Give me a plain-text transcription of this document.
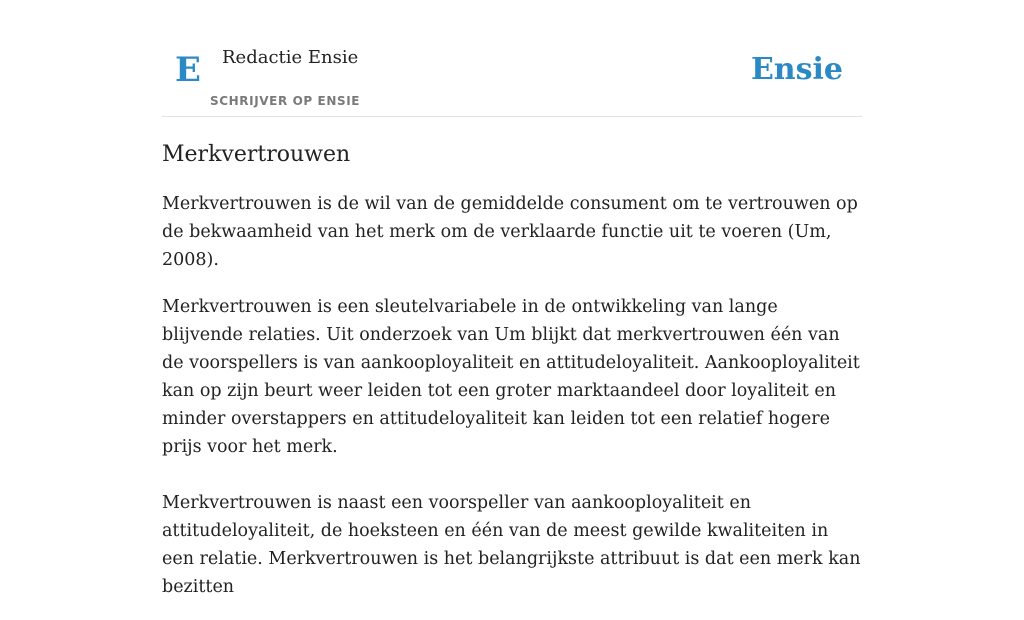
E Redactie Ensie
SCHRIJVER OP ENSIE
Ensie
Merkvertrouwen

Merkvertrouwen is de wil van de gemiddelde consument om te vertrouwen op de bekwaamheid van het merk om de verklaarde functie uit te voeren (Um, 2008).

Merkvertrouwen is een sleutelvariabele in de ontwikkeling van lange blijvende relaties. Uit onderzoek van Um blijkt dat merkvertrouwen één van de voorspellers is van aankooployaliteit en attitudeloyaliteit. Aankooployaliteit kan op zijn beurt weer leiden tot een groter marktaandeel door loyaliteit en minder overstappers en attitudeloyaliteit kan leiden tot een relatief hogere prijs voor het merk.

Merkvertrouwen is naast een voorspeller van aankooployaliteit en attitudeloyaliteit, de hoeksteen en één van de meest gewilde kwaliteiten in een relatie. Merkvertrouwen is het belangrijkste attribuut is dat een merk kan bezitten
